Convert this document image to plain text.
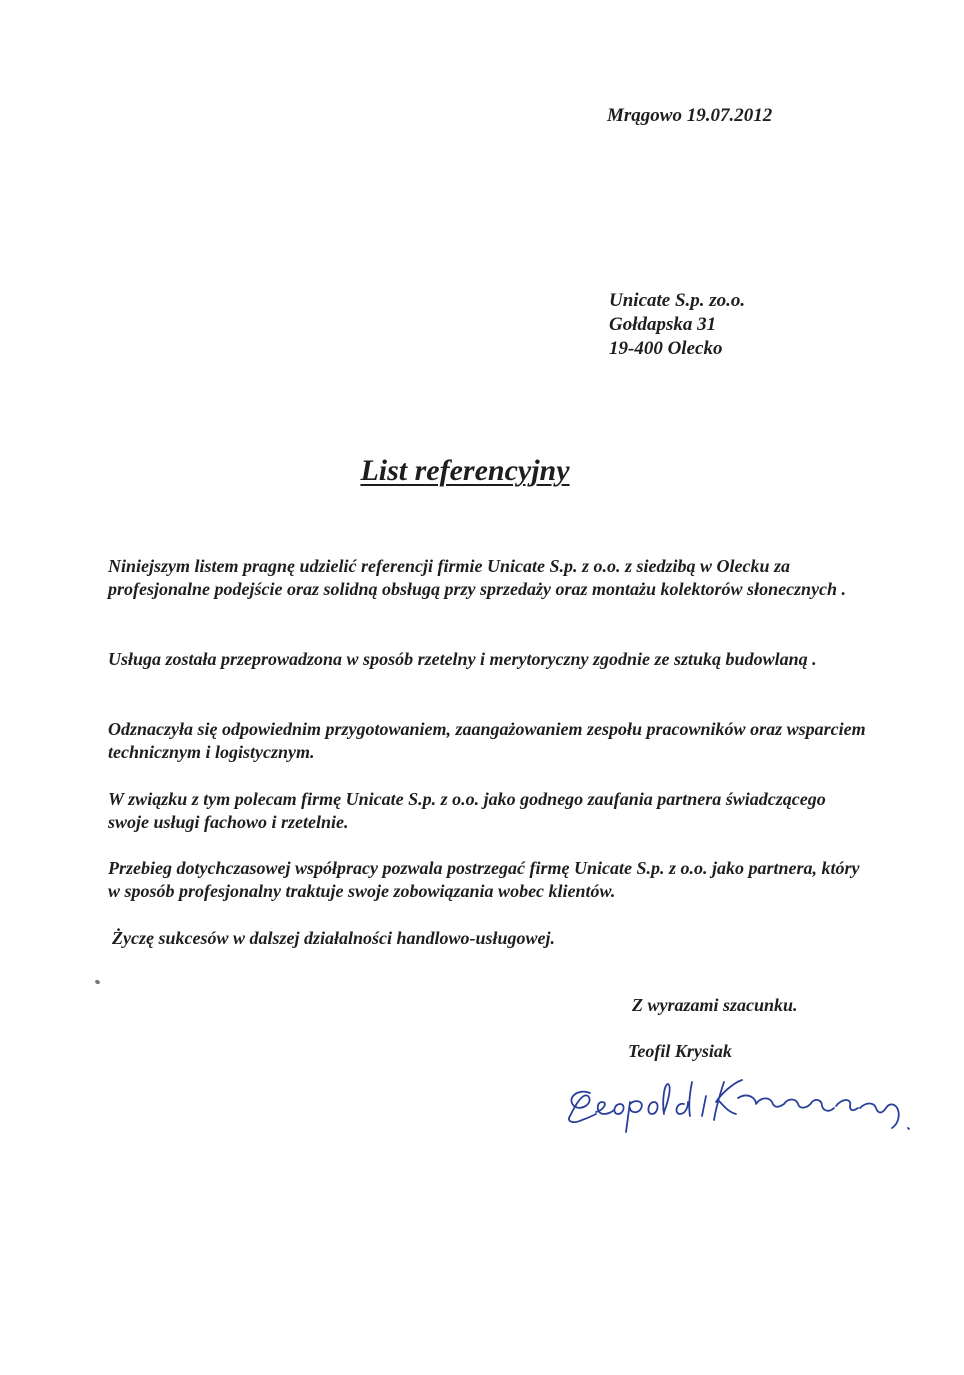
Mrągowo 19.07.2012
Unicate S.p. zo.o.
Gołdapska 31
19-400 Olecko
List referencyjny
Niniejszym listem pragnę udzielić referencji firmie Unicate S.p. z o.o. z siedzibą w Olecku za profesjonalne podejście oraz solidną obsługą przy sprzedaży oraz montażu kolektorów słonecznych .
Usługa została przeprowadzona w sposób rzetelny i merytoryczny zgodnie ze sztuką budowlaną .
Odznaczyła się odpowiednim przygotowaniem, zaangażowaniem zespołu pracowników oraz wsparciem technicznym i logistycznym.
W związku z tym polecam firmę Unicate S.p. z o.o. jako godnego zaufania partnera świadczącego swoje usługi fachowo i rzetelnie.
Przebieg dotychczasowej współpracy pozwala postrzegać firmę Unicate S.p. z o.o. jako partnera, który w sposób profesjonalny traktuje swoje zobowiązania wobec klientów.
Życzę sukcesów w dalszej działalności handlowo-usługowej.
Z wyrazami szacunku.
Teofil Krysiak
